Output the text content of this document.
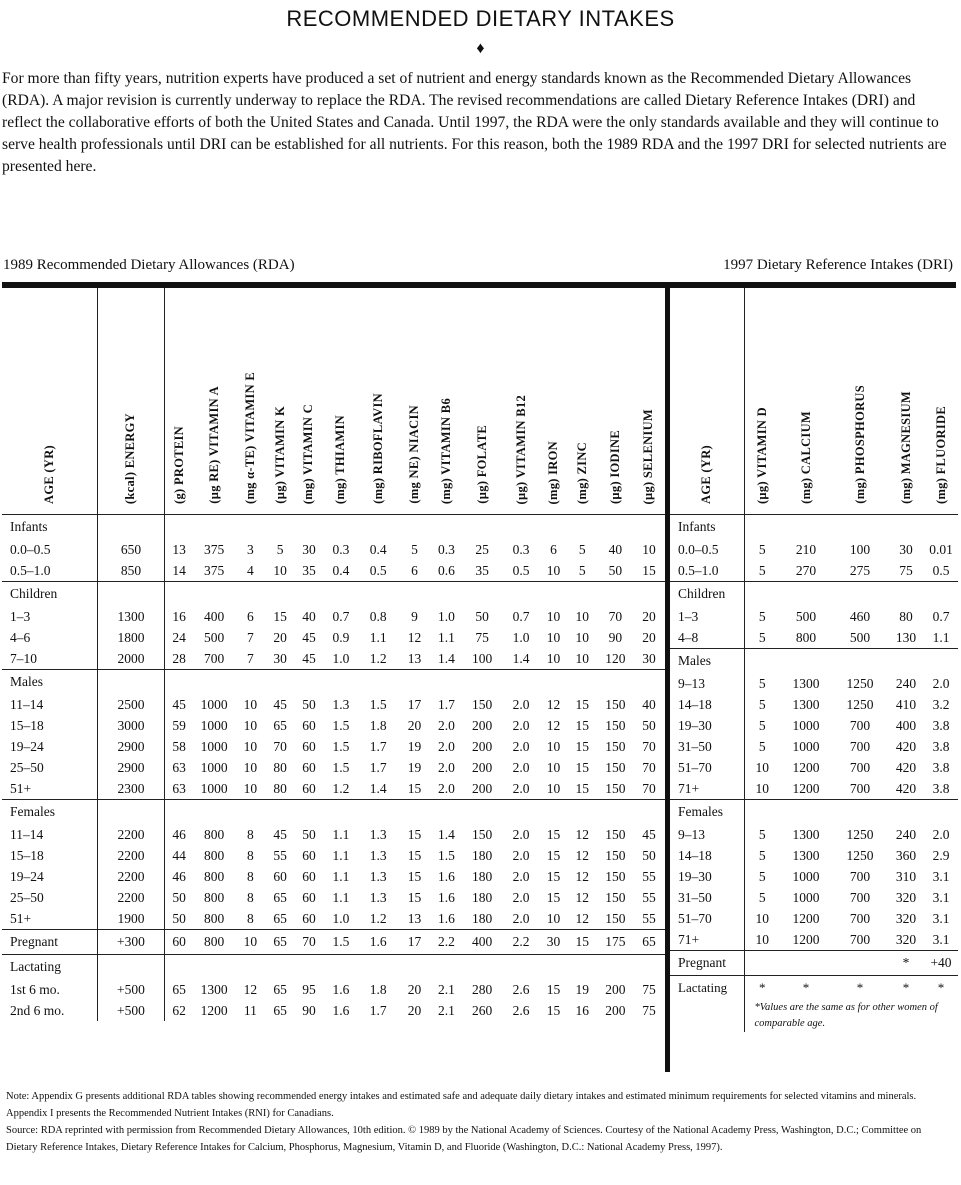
RECOMMENDED DIETARY INTAKES
♦

For more than fifty years, nutrition experts have produced a set of nutrient and energy standards known as the Recommended Dietary Allowances (RDA). A major revision is currently underway to replace the RDA. The revised recommendations are called Dietary Reference Intakes (DRI) and reflect the collaborative efforts of both the United States and Canada. Until 1997, the RDA were the only standards available and they will continue to serve health professionals until DRI can be established for all nutrients. For this reason, both the 1989 RDA and the 1997 DRI for selected nutrients are presented here.

1989 Recommended Dietary Allowances (RDA)	1997 Dietary Reference Intakes (DRI)
AGE (YR)	(kcal) ENERGY	(g) PROTEIN	(µg RE) VITAMIN A	(mg α-TE) VITAMIN E	(µg) VITAMIN K	(mg) VITAMIN C	(mg) THIAMIN	(mg) RIBOFLAVIN	(mg NE) NIACIN	(mg) VITAMIN B6	(µg) FOLATE	(µg) VITAMIN B12	(mg) IRON	(mg) ZINC	(µg) IODINE	(µg) SELENIUM

Infants																
0.0–0.5	650	13	375	3	5	30	0.3	0.4	5	0.3	25	0.3	6	5	40	10
0.5–1.0	850	14	375	4	10	35	0.4	0.5	6	0.6	35	0.5	10	5	50	15
Children																
1–3	1300	16	400	6	15	40	0.7	0.8	9	1.0	50	0.7	10	10	70	20
4–6	1800	24	500	7	20	45	0.9	1.1	12	1.1	75	1.0	10	10	90	20
7–10	2000	28	700	7	30	45	1.0	1.2	13	1.4	100	1.4	10	10	120	30
Males																
11–14	2500	45	1000	10	45	50	1.3	1.5	17	1.7	150	2.0	12	15	150	40
15–18	3000	59	1000	10	65	60	1.5	1.8	20	2.0	200	2.0	12	15	150	50
19–24	2900	58	1000	10	70	60	1.5	1.7	19	2.0	200	2.0	10	15	150	70
25–50	2900	63	1000	10	80	60	1.5	1.7	19	2.0	200	2.0	10	15	150	70
51+	2300	63	1000	10	80	60	1.2	1.4	15	2.0	200	2.0	10	15	150	70
Females																
11–14	2200	46	800	8	45	50	1.1	1.3	15	1.4	150	2.0	15	12	150	45
15–18	2200	44	800	8	55	60	1.1	1.3	15	1.5	180	2.0	15	12	150	50
19–24	2200	46	800	8	60	60	1.1	1.3	15	1.6	180	2.0	15	12	150	55
25–50	2200	50	800	8	65	60	1.1	1.3	15	1.6	180	2.0	15	12	150	55
51+	1900	50	800	8	65	60	1.0	1.2	13	1.6	180	2.0	10	12	150	55
Pregnant	+300	60	800	10	65	70	1.5	1.6	17	2.2	400	2.2	30	15	175	65
Lactating																
1st 6 mo.	+500	65	1300	12	65	95	1.6	1.8	20	2.1	280	2.6	15	19	200	75
2nd 6 mo.	+500	62	1200	11	65	90	1.6	1.7	20	2.1	260	2.6	15	16	200	75
AGE (YR)	(µg) VITAMIN D	(mg) CALCIUM	(mg) PHOSPHORUS	(mg) MAGNESIUM	(mg) FLUORIDE

Infants					
0.0–0.5	5	210	100	30	0.01
0.5–1.0	5	270	275	75	0.5
Children					
1–3	5	500	460	80	0.7
4–8	5	800	500	130	1.1
Males					
9–13	5	1300	1250	240	2.0
14–18	5	1300	1250	410	3.2
19–30	5	1000	700	400	3.8
31–50	5	1000	700	420	3.8
51–70	10	1200	700	420	3.8
71+	10	1200	700	420	3.8
Females					
9–13	5	1300	1250	240	2.0
14–18	5	1300	1250	360	2.9
19–30	5	1000	700	310	3.1
31–50	5	1000	700	320	3.1
51–70	10	1200	700	320	3.1
71+	10	1200	700	320	3.1
Pregnant				*	+40
Lactating	*	*	*	*	*
	*Values are the same as for other women of comparable age.				

Note: Appendix G presents additional RDA tables showing recommended energy intakes and estimated safe and adequate daily dietary intakes and estimated minimum requirements for selected vitamins and minerals. Appendix I presents the Recommended Nutrient Intakes (RNI) for Canadians.
Source: RDA reprinted with permission from Recommended Dietary Allowances, 10th edition. © 1989 by the National Academy of Sciences. Courtesy of the National Academy Press, Washington, D.C.; Committee on Dietary Reference Intakes, Dietary Reference Intakes for Calcium, Phosphorus, Magnesium, Vitamin D, and Fluoride (Washington, D.C.: National Academy Press, 1997).
